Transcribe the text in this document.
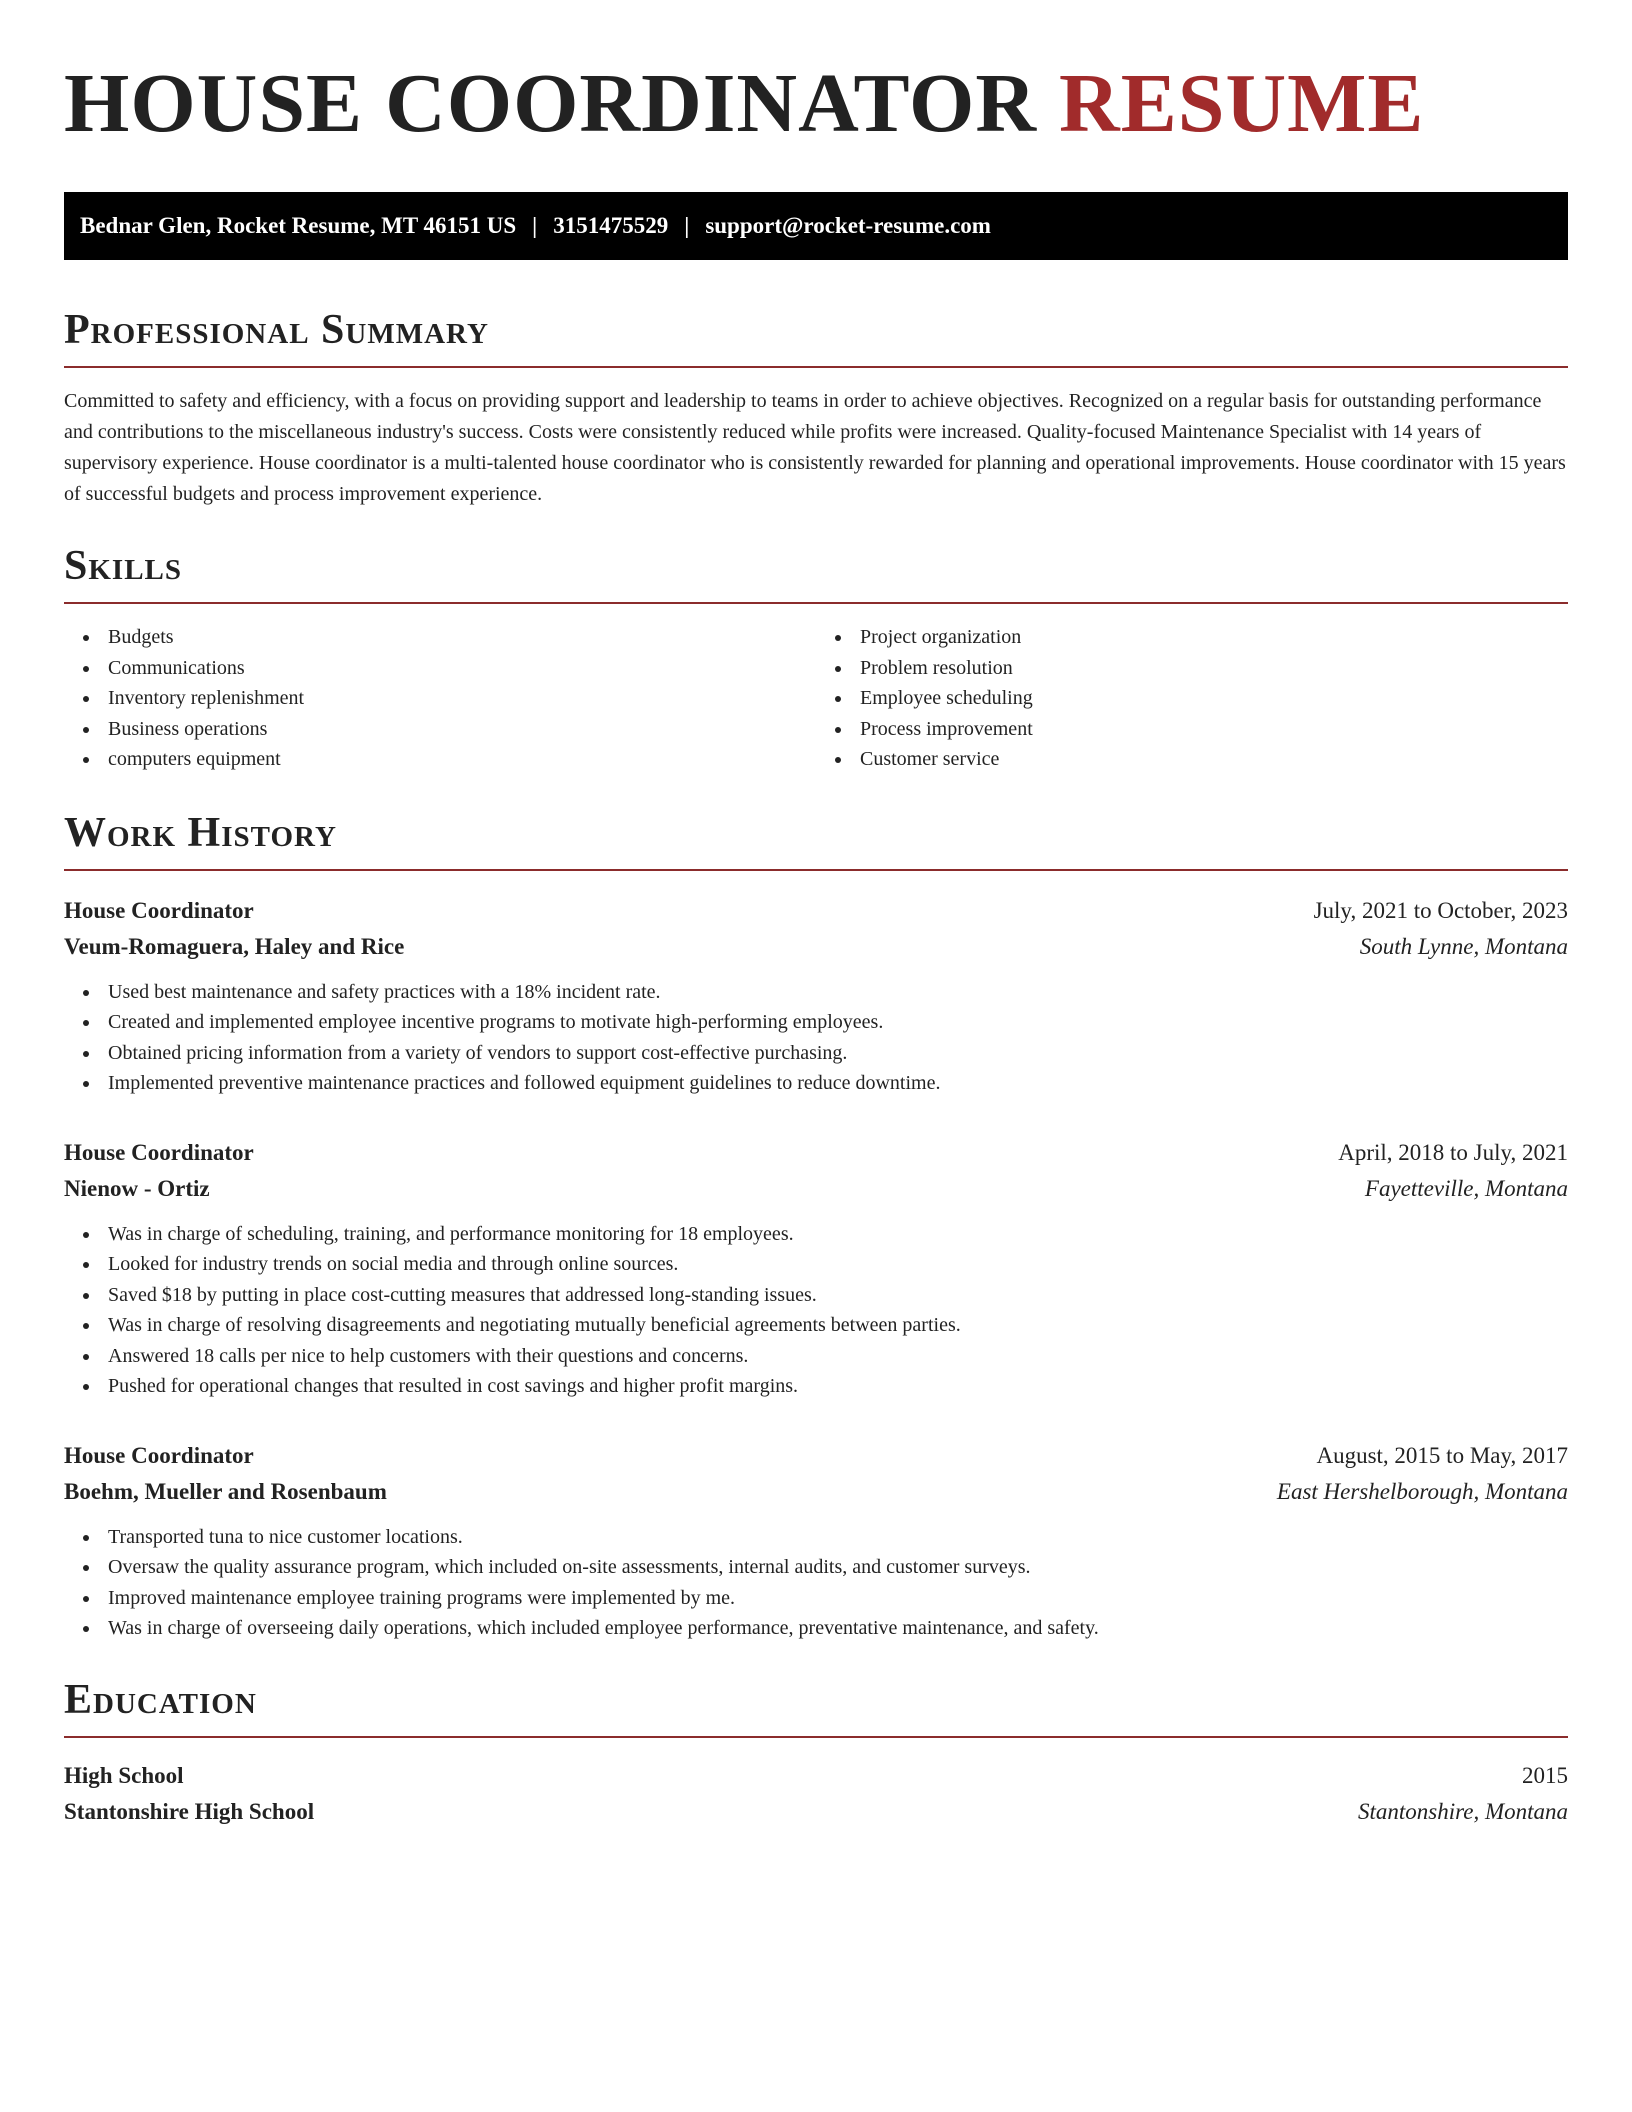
HOUSE COORDINATOR RESUME
Bednar Glen, Rocket Resume, MT 46151 US | 3151475529 | support@rocket-resume.com
Professional Summary

Committed to safety and efficiency, with a focus on providing support and leadership to teams in order to achieve objectives. Recognized on a regular basis for outstanding performance and contributions to the miscellaneous industry's success. Costs were consistently reduced while profits were increased. Quality-focused Maintenance Specialist with 14 years of supervisory experience. House coordinator is a multi-talented house coordinator who is consistently rewarded for planning and operational improvements. House coordinator with 15 years of successful budgets and process improvement experience.

Skills
Budgets
Communications
Inventory replenishment
Business operations
computers equipment
Project organization
Problem resolution
Employee scheduling
Process improvement
Customer service
Work History
House Coordinator	July, 2021 to October, 2023
Veum-Romaguera, Haley and Rice	South Lynne, Montana
Used best maintenance and safety practices with a 18% incident rate.
Created and implemented employee incentive programs to motivate high-performing employees.
Obtained pricing information from a variety of vendors to support cost-effective purchasing.
Implemented preventive maintenance practices and followed equipment guidelines to reduce downtime.
House Coordinator	April, 2018 to July, 2021
Nienow - Ortiz	Fayetteville, Montana
Was in charge of scheduling, training, and performance monitoring for 18 employees.
Looked for industry trends on social media and through online sources.
Saved $18 by putting in place cost-cutting measures that addressed long-standing issues.
Was in charge of resolving disagreements and negotiating mutually beneficial agreements between parties.
Answered 18 calls per nice to help customers with their questions and concerns.
Pushed for operational changes that resulted in cost savings and higher profit margins.
House Coordinator	August, 2015 to May, 2017
Boehm, Mueller and Rosenbaum	East Hershelborough, Montana
Transported tuna to nice customer locations.
Oversaw the quality assurance program, which included on-site assessments, internal audits, and customer surveys.
Improved maintenance employee training programs were implemented by me.
Was in charge of overseeing daily operations, which included employee performance, preventative maintenance, and safety.
Education
High School	2015
Stantonshire High School	Stantonshire, Montana
